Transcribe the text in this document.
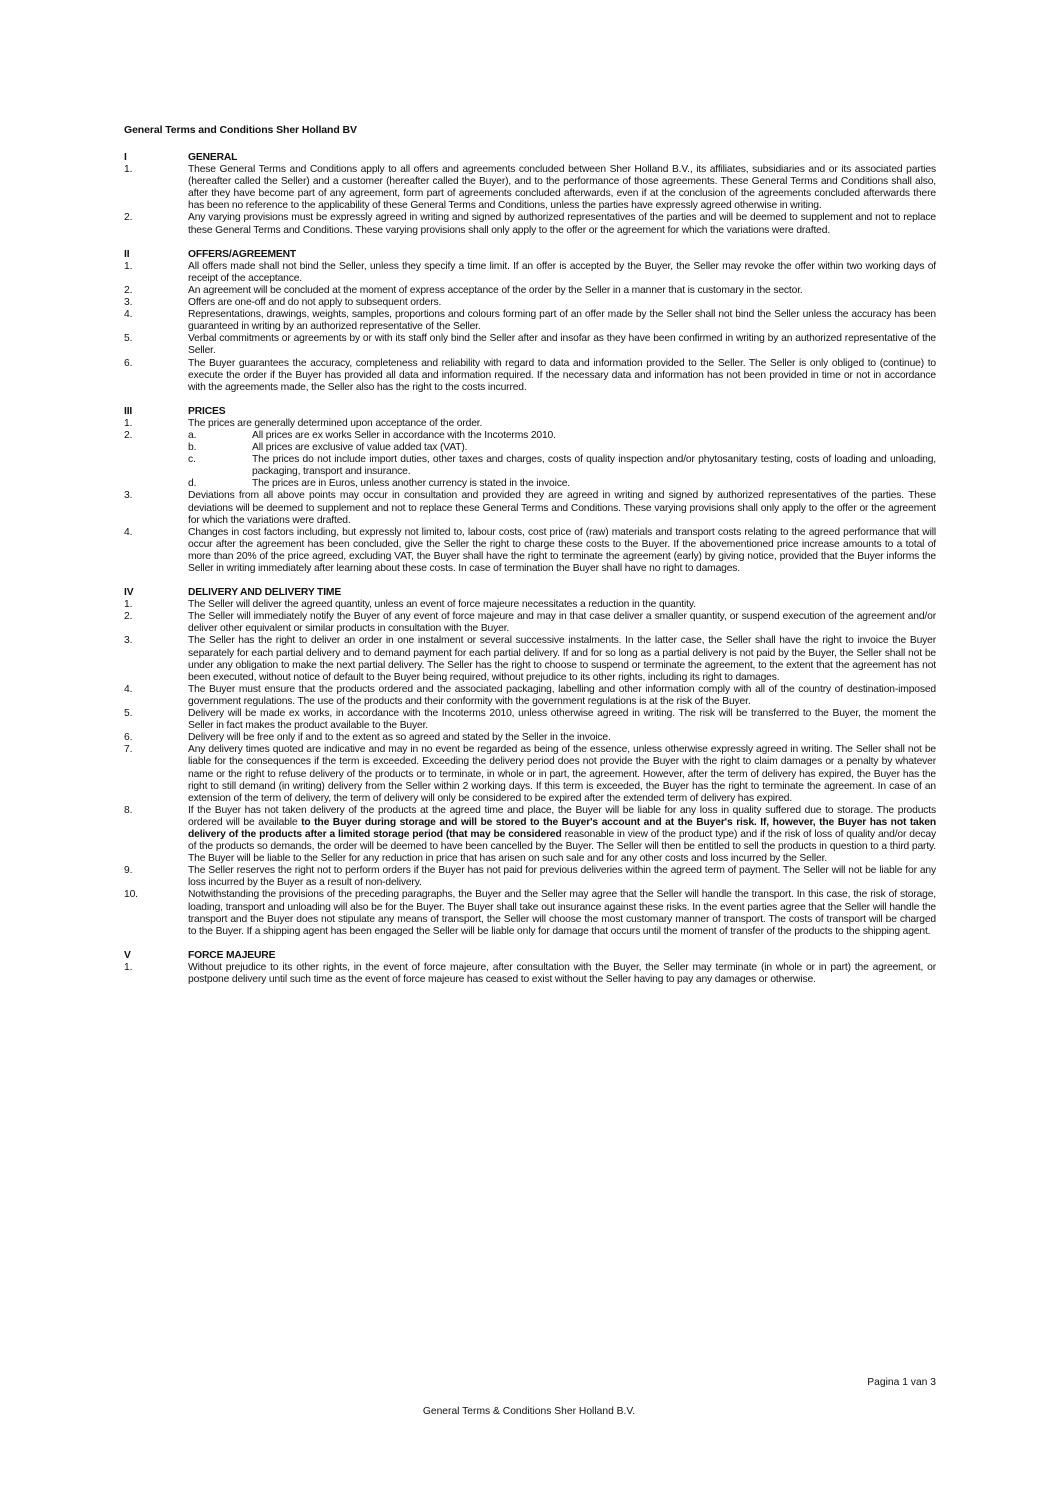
General Terms and Conditions Sher Holland BV
I	GENERAL
1.	These General Terms and Conditions apply to all offers and agreements concluded between Sher Holland B.V., its affiliates, subsidiaries and or its associated parties (hereafter called the Seller) and a customer (hereafter called the Buyer), and to the performance of those agreements. These General Terms and Conditions shall also, after they have become part of any agreement, form part of agreements concluded afterwards, even if at the conclusion of the agreements concluded afterwards there has been no reference to the applicability of these General Terms and Conditions, unless the parties have expressly agreed otherwise in writing.
2.	Any varying provisions must be expressly agreed in writing and signed by authorized representatives of the parties and will be deemed to supplement and not to replace these General Terms and Conditions. These varying provisions shall only apply to the offer or the agreement for which the variations were drafted.
II	OFFERS/AGREEMENT
1.	All offers made shall not bind the Seller, unless they specify a time limit. If an offer is accepted by the Buyer, the Seller may revoke the offer within two working days of receipt of the acceptance.
2.	An agreement will be concluded at the moment of express acceptance of the order by the Seller in a manner that is customary in the sector.
3.	Offers are one-off and do not apply to subsequent orders.
4.	Representations, drawings, weights, samples, proportions and colours forming part of an offer made by the Seller shall not bind the Seller unless the accuracy has been guaranteed in writing by an authorized representative of the Seller.
5.	Verbal commitments or agreements by or with its staff only bind the Seller after and insofar as they have been confirmed in writing by an authorized representative of the Seller.
6.	The Buyer guarantees the accuracy, completeness and reliability with regard to data and information provided to the Seller. The Seller is only obliged to (continue) to execute the order if the Buyer has provided all data and information required. If the necessary data and information has not been provided in time or not in accordance with the agreements made, the Seller also has the right to the costs incurred.
III	PRICES
1.	The prices are generally determined upon acceptance of the order.
2.	a.	All prices are ex works Seller in accordance with the Incoterms 2010.
b.	All prices are exclusive of value added tax (VAT).
c.	The prices do not include import duties, other taxes and charges, costs of quality inspection and/or phytosanitary testing, costs of loading and unloading, packaging, transport and insurance.
d.	The prices are in Euros, unless another currency is stated in the invoice.
3.	Deviations from all above points may occur in consultation and provided they are agreed in writing and signed by authorized representatives of the parties. These deviations will be deemed to supplement and not to replace these General Terms and Conditions. These varying provisions shall only apply to the offer or the agreement for which the variations were drafted.
4.	Changes in cost factors including, but expressly not limited to, labour costs, cost price of (raw) materials and transport costs relating to the agreed performance that will occur after the agreement has been concluded, give the Seller the right to charge these costs to the Buyer. If the abovementioned price increase amounts to a total of more than 20% of the price agreed, excluding VAT, the Buyer shall have the right to terminate the agreement (early) by giving notice, provided that the Buyer informs the Seller in writing immediately after learning about these costs. In case of termination the Buyer shall have no right to damages.
IV	DELIVERY AND DELIVERY TIME
1.	The Seller will deliver the agreed quantity, unless an event of force majeure necessitates a reduction in the quantity.
2.	The Seller will immediately notify the Buyer of any event of force majeure and may in that case deliver a smaller quantity, or suspend execution of the agreement and/or deliver other equivalent or similar products in consultation with the Buyer.
3.	The Seller has the right to deliver an order in one instalment or several successive instalments. In the latter case, the Seller shall have the right to invoice the Buyer separately for each partial delivery and to demand payment for each partial delivery. If and for so long as a partial delivery is not paid by the Buyer, the Seller shall not be under any obligation to make the next partial delivery. The Seller has the right to choose to suspend or terminate the agreement, to the extent that the agreement has not been executed, without notice of default to the Buyer being required, without prejudice to its other rights, including its right to damages.
4.	The Buyer must ensure that the products ordered and the associated packaging, labelling and other information comply with all of the country of destination-imposed government regulations. The use of the products and their conformity with the government regulations is at the risk of the Buyer.
5.	Delivery will be made ex works, in accordance with the Incoterms 2010, unless otherwise agreed in writing. The risk will be transferred to the Buyer, the moment the Seller in fact makes the product available to the Buyer.
6.	Delivery will be free only if and to the extent as so agreed and stated by the Seller in the invoice.
7.	Any delivery times quoted are indicative and may in no event be regarded as being of the essence, unless otherwise expressly agreed in writing. The Seller shall not be liable for the consequences if the term is exceeded. Exceeding the delivery period does not provide the Buyer with the right to claim damages or a penalty by whatever name or the right to refuse delivery of the products or to terminate, in whole or in part, the agreement. However, after the term of delivery has expired, the Buyer has the right to still demand (in writing) delivery from the Seller within 2 working days. If this term is exceeded, the Buyer has the right to terminate the agreement. In case of an extension of the term of delivery, the term of delivery will only be considered to be expired after the extended term of delivery has expired.
8.	If the Buyer has not taken delivery of the products at the agreed time and place, the Buyer will be liable for any loss in quality suffered due to storage. The products ordered will be available to the Buyer during storage and will be stored to the Buyer's account and at the Buyer's risk. If, however, the Buyer has not taken delivery of the products after a limited storage period (that may be considered reasonable in view of the product type) and if the risk of loss of quality and/or decay of the products so demands, the order will be deemed to have been cancelled by the Buyer. The Seller will then be entitled to sell the products in question to a third party. The Buyer will be liable to the Seller for any reduction in price that has arisen on such sale and for any other costs and loss incurred by the Seller.
9.	The Seller reserves the right not to perform orders if the Buyer has not paid for previous deliveries within the agreed term of payment. The Seller will not be liable for any loss incurred by the Buyer as a result of non-delivery.
10.	Notwithstanding the provisions of the preceding paragraphs, the Buyer and the Seller may agree that the Seller will handle the transport. In this case, the risk of storage, loading, transport and unloading will also be for the Buyer. The Buyer shall take out insurance against these risks. In the event parties agree that the Seller will handle the transport and the Buyer does not stipulate any means of transport, the Seller will choose the most customary manner of transport. The costs of transport will be charged to the Buyer. If a shipping agent has been engaged the Seller will be liable only for damage that occurs until the moment of transfer of the products to the shipping agent.
V	FORCE MAJEURE
1.	Without prejudice to its other rights, in the event of force majeure, after consultation with the Buyer, the Seller may terminate (in whole or in part) the agreement, or postpone delivery until such time as the event of force majeure has ceased to exist without the Seller having to pay any damages or otherwise.
Pagina 1 van 3
General Terms & Conditions Sher Holland B.V.
